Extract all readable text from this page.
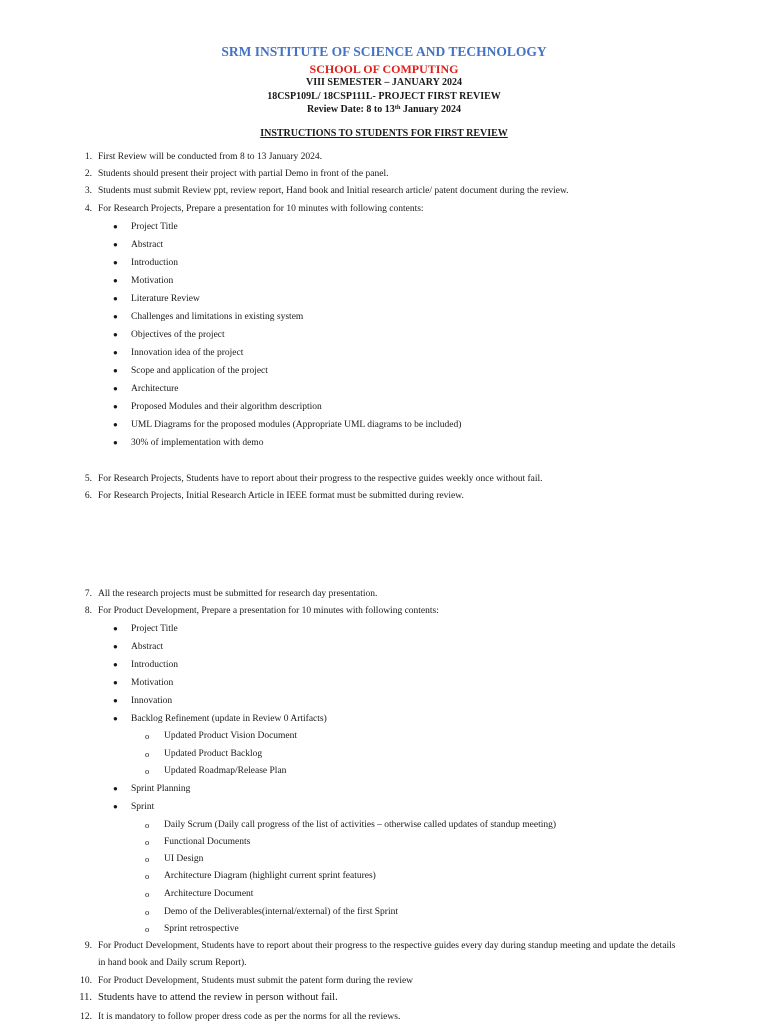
SRM INSTITUTE OF SCIENCE AND TECHNOLOGY
SCHOOL OF COMPUTING
VIII SEMESTER – JANUARY 2024
18CSP109L/ 18CSP111L- PROJECT FIRST REVIEW
Review Date: 8 to 13th January 2024
INSTRUCTIONS TO STUDENTS FOR FIRST REVIEW
1. First Review will be conducted from 8 to 13 January 2024.
2. Students should present their project with partial Demo in front of the panel.
3. Students must submit Review ppt, review report, Hand book and Initial research article/ patent document during the review.
4. For Research Projects, Prepare a presentation for 10 minutes with following contents:
● Project Title
● Abstract
● Introduction
● Motivation
● Literature Review
● Challenges and limitations in existing system
● Objectives of the project
● Innovation idea of the project
● Scope and application of the project
● Architecture
● Proposed Modules and their algorithm description
● UML Diagrams for the proposed modules (Appropriate UML diagrams to be included)
● 30% of implementation with demo
5. For Research Projects, Students have to report about their progress to the respective guides weekly once without fail.
6. For Research Projects, Initial Research Article in IEEE format must be submitted during review.
7. All the research projects must be submitted for research day presentation.
8. For Product Development, Prepare a presentation for 10 minutes with following contents:
● Project Title
● Abstract
● Introduction
● Motivation
● Innovation
● Backlog Refinement (update in Review 0 Artifacts)
o Updated Product Vision Document
o Updated Product Backlog
o Updated Roadmap/Release Plan
● Sprint Planning
● Sprint
o Daily Scrum (Daily call progress of the list of activities – otherwise called updates of standup meeting)
o Functional Documents
o UI Design
o Architecture Diagram (highlight current sprint features)
o Architecture Document
o Demo of the Deliverables(internal/external) of the first Sprint
o Sprint retrospective
9. For Product Development, Students have to report about their progress to the respective guides every day during standup meeting and update the details
in hand book and Daily scrum Report).
10. For Product Development, Students must submit the patent form during the review
11. Students have to attend the review in person without fail.
12. It is mandatory to follow proper dress code as per the norms for all the reviews.
